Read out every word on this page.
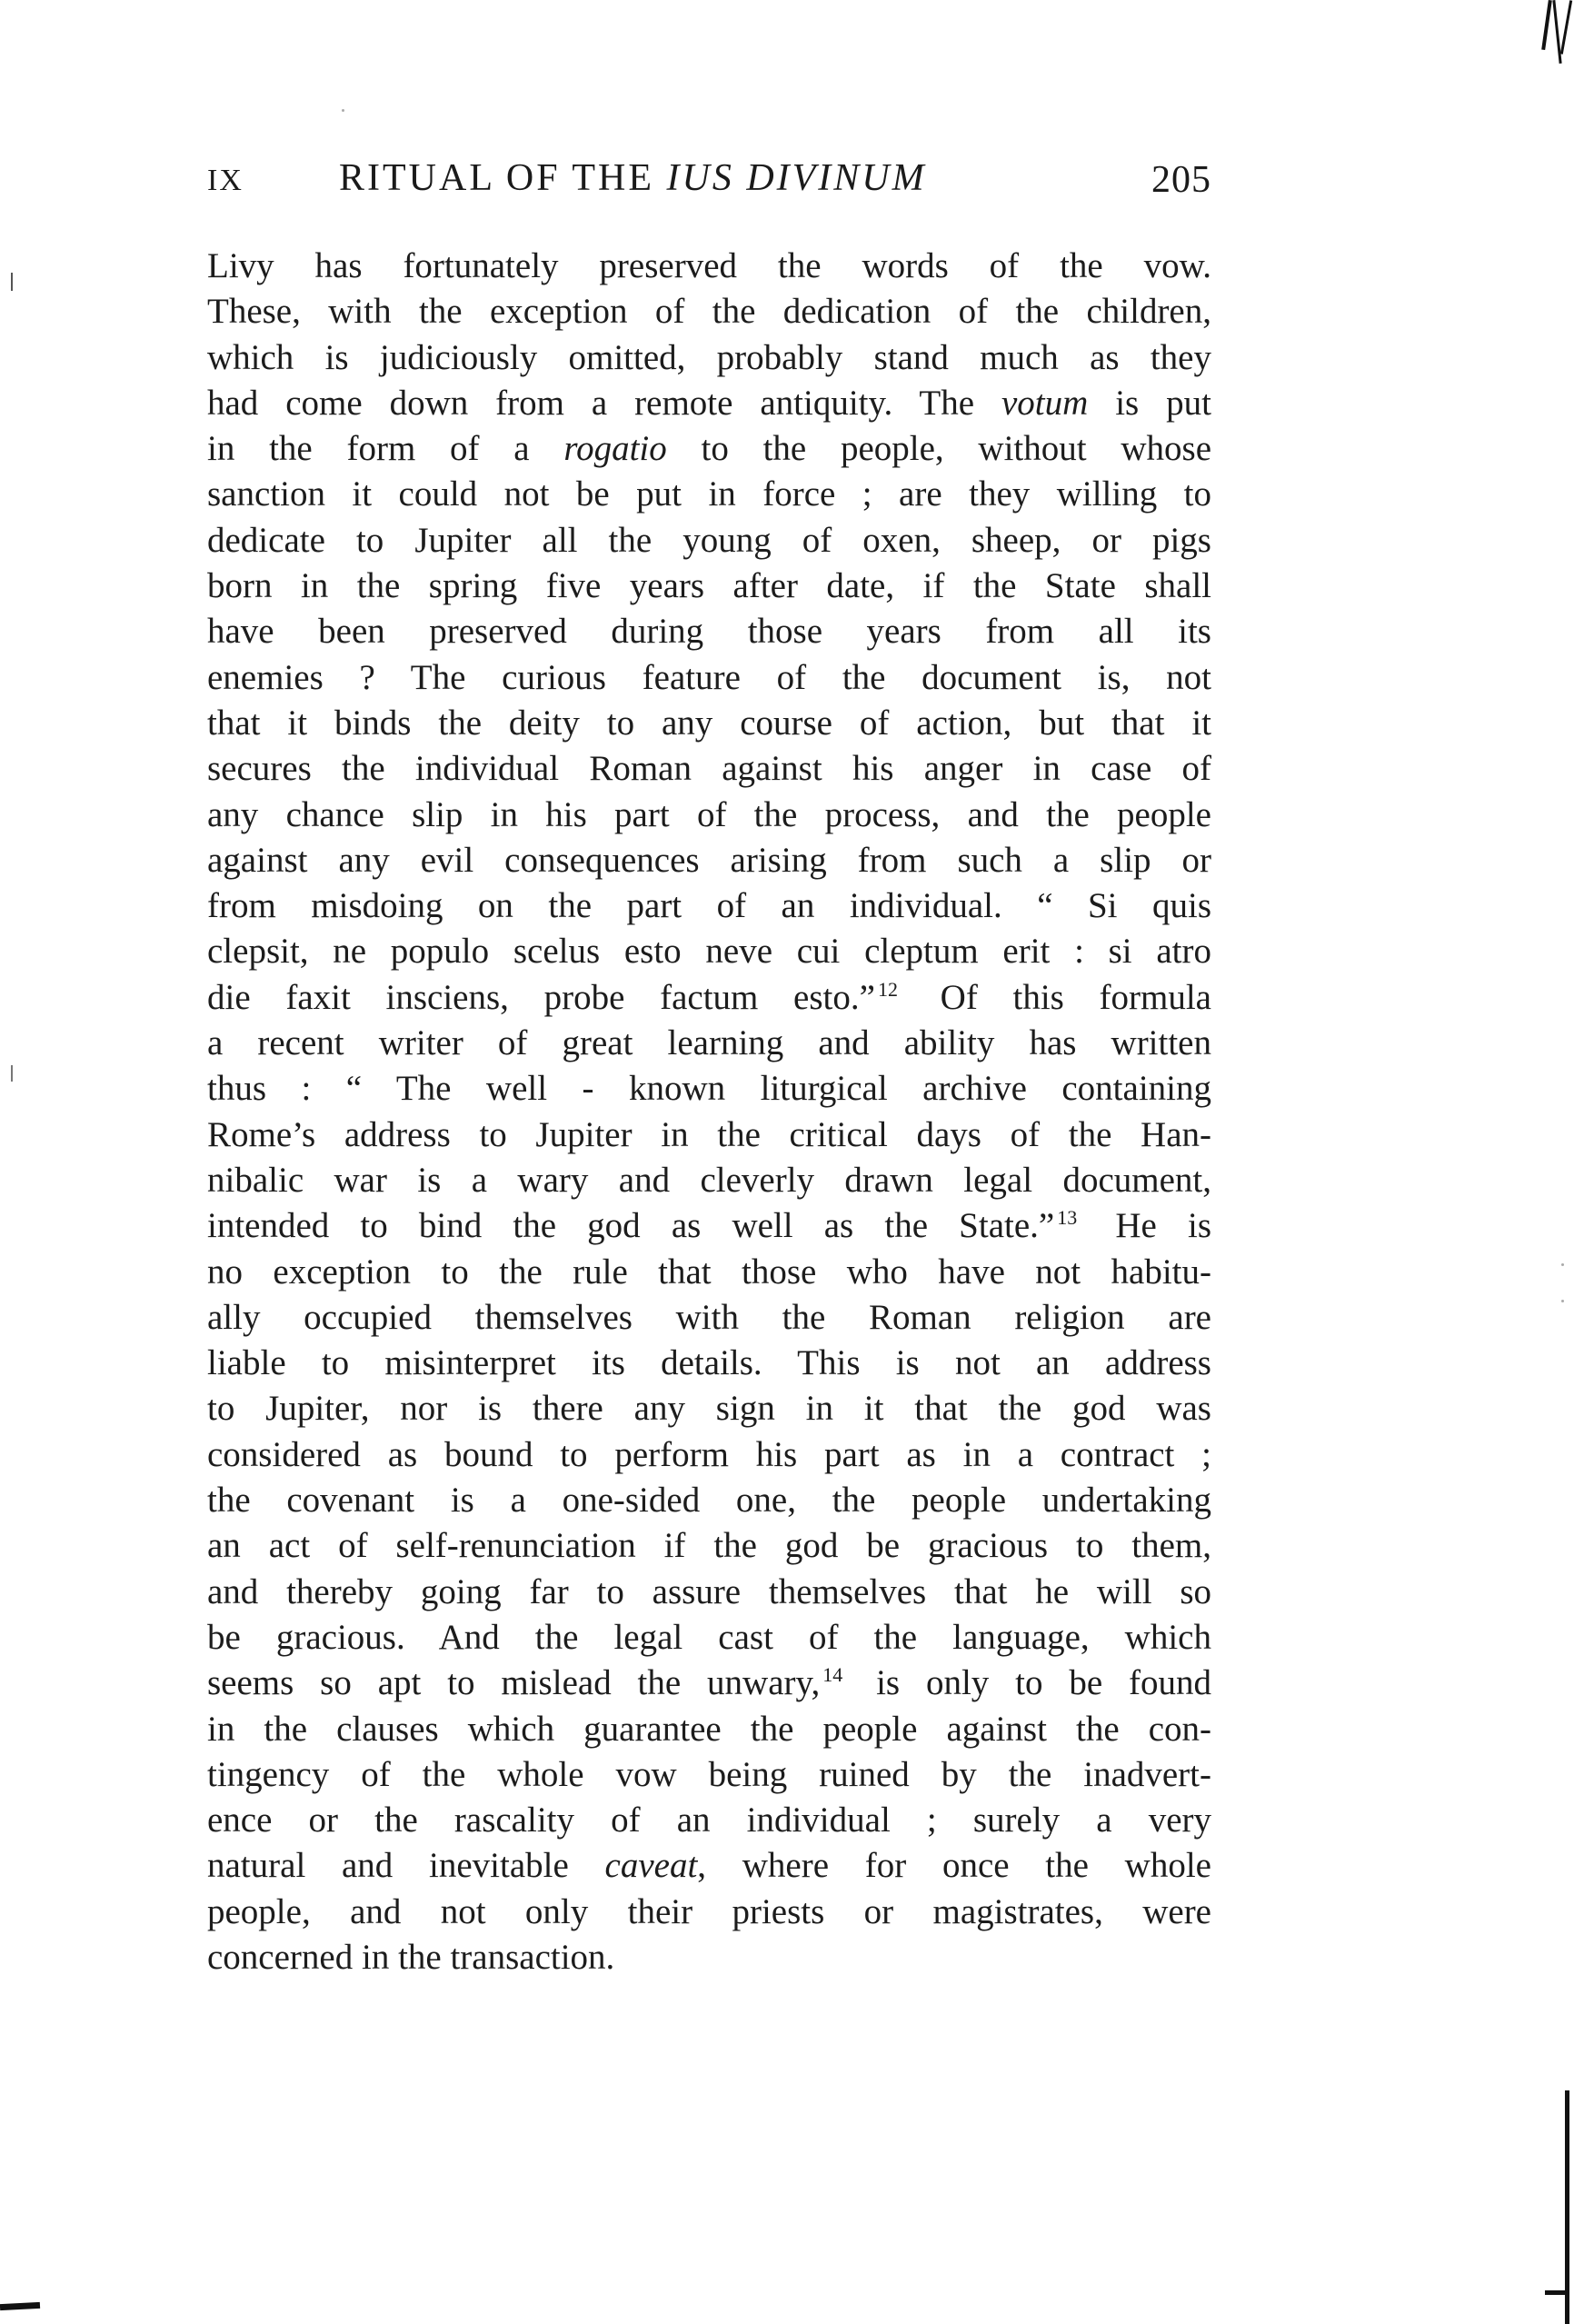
IX	RITUAL OF THE IUS DIVINUM	205
Livy has fortunately preserved the words of the vow.
These, with the exception of the dedication of the children,
which is judiciously omitted, probably stand much as they
had come down from a remote antiquity. The votum is put
in the form of a rogatio to the people, without whose
sanction it could not be put in force ; are they willing to
dedicate to Jupiter all the young of oxen, sheep, or pigs
born in the spring five years after date, if the State shall
have been preserved during those years from all its
enemies ? The curious feature of the document is, not
that it binds the deity to any course of action, but that it
secures the individual Roman against his anger in case of
any chance slip in his part of the process, and the people
against any evil consequences arising from such a slip or
from misdoing on the part of an individual. “ Si quis
clepsit, ne populo scelus esto neve cui cleptum erit : si atro
die faxit insciens, probe factum esto.” $^{12}$ Of this formula
a recent writer of great learning and ability has written
thus : “ The well - known liturgical archive containing
Rome’s address to Jupiter in the critical days of the Han-
nibalic war is a wary and cleverly drawn legal document,
intended to bind the god as well as the State.” $^{13}$ He is
no exception to the rule that those who have not habitu-
ally occupied themselves with the Roman religion are
liable to misinterpret its details. This is not an address
to Jupiter, nor is there any sign in it that the god was
considered as bound to perform his part as in a contract ;
the covenant is a one-sided one, the people undertaking
an act of self-renunciation if the god be gracious to them,
and thereby going far to assure themselves that he will so
be gracious. And the legal cast of the language, which
seems so apt to mislead the unwary, $^{14}$ is only to be found
in the clauses which guarantee the people against the con-
tingency of the whole vow being ruined by the inadvert-
ence or the rascality of an individual ; surely a very
natural and inevitable caveat, where for once the whole
people, and not only their priests or magistrates, were
concerned in the transaction.
